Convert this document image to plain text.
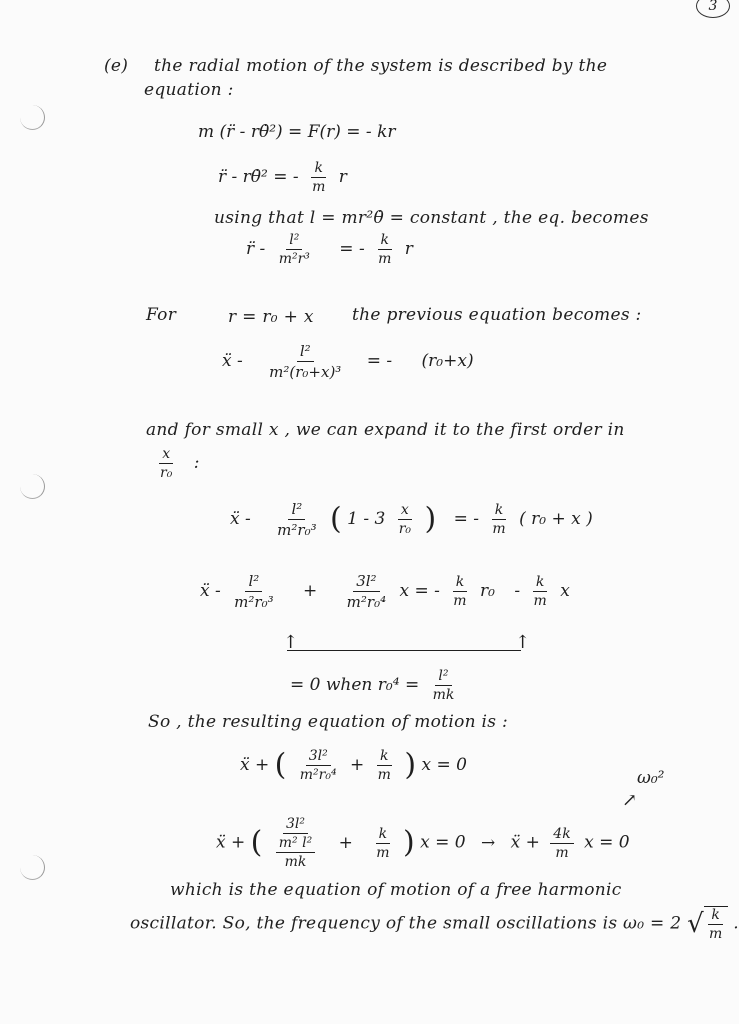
3
(e) the radial motion of the system is described by the
equation :
m (r̈ - rθ̇²) = F(r) = - kr
r̈ - rθ̇² = - $\frac{k}{m}$ r
using that l = mr²θ̇ = constant , the eq. becomes
r̈ - $\frac{\text{l²}}{\text{m²r³}}$ = - $\frac{k}{m}$ r
For	r = r₀ + x the previous equation becomes :
ẍ - $\frac{\text{l²}}{\text{m²(r₀+x)³}}$ = - (r₀+x)
and for small x , we can expand it to the first order in
$\frac{x}{\text{r₀}}$ :
ẍ - $\frac{\text{l²}}{\text{m²r₀³}}$ ( $1 - 3 \frac{x}{\text{r₀}}$ ) = - $\frac{k}{m}$ ( r₀ + x )
ẍ - $\frac{\text{l²}}{\text{m²r₀³}} + \frac{\text{3l²}}{\text{m²r₀⁴}}$ x = - $\frac{k}{m} r_0 - \frac{k}{m}$ x
↑	↑
= 0 when $r_0^4 = \frac{\text{l²}}{mk}$
So , the resulting equation of motion is :
ẍ + ( $\frac{\text{3l²}}{\text{m²r₀⁴}} + \frac{k}{m}$ ) x = 0
ω₀²
↗
ẍ + ( $\frac{\text{3l²}}{\frac{\text{m² l²}}{mk}} + \frac{k}{m}$ ) x = 0 → ẍ + $\frac{4k}{m}$ x = 0
which is the equation of motion of a free harmonic
oscillator. So, the frequency of the small oscillations is ω₀ = 2 √ $\frac{k}{m}$ .
